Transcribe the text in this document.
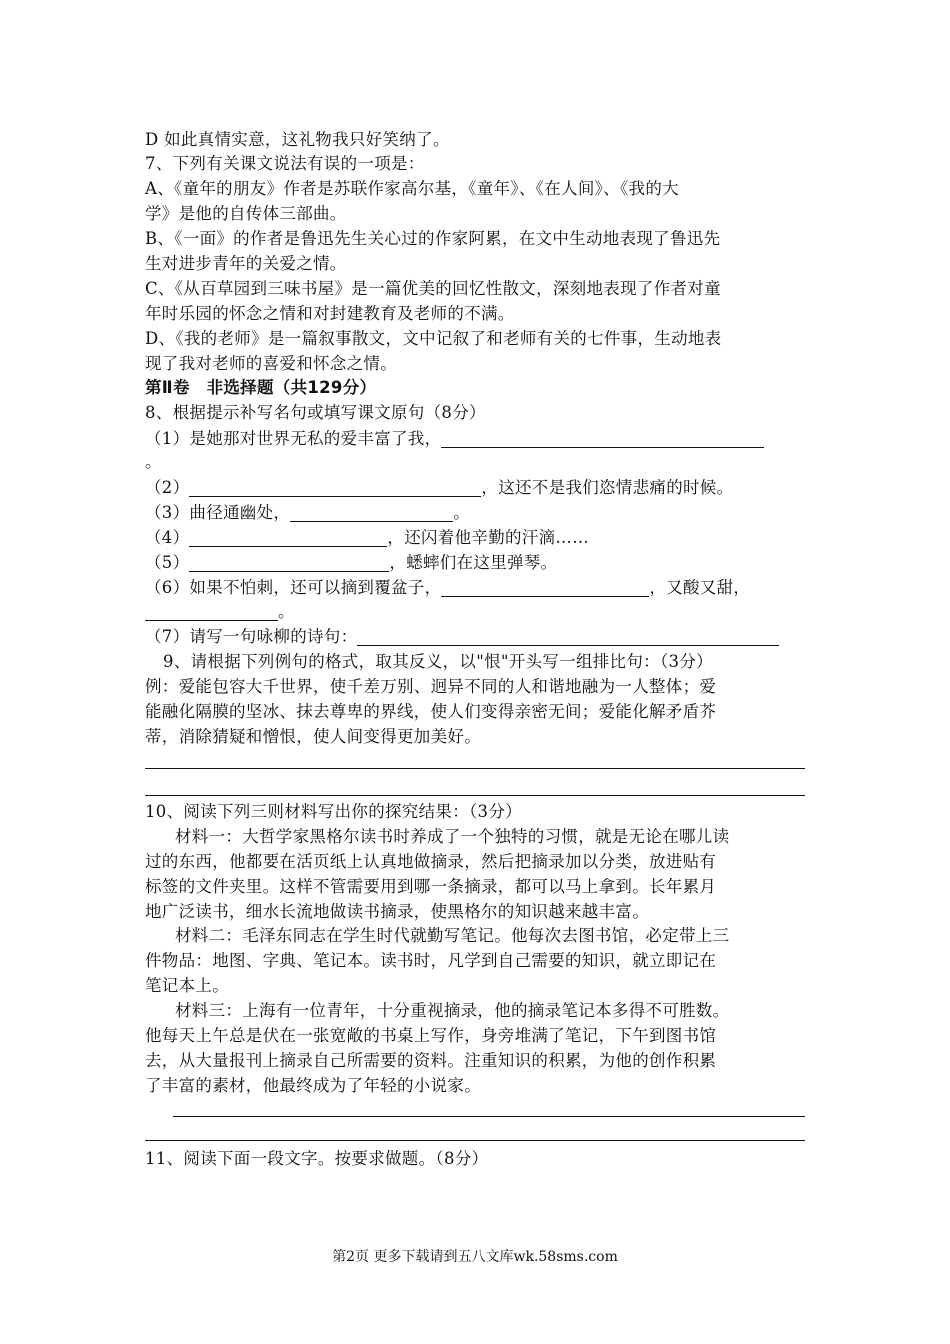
D 如此真情实意，这礼物我只好笑纳了。
7、下列有关课文说法有误的一项是：
A、《童年的朋友》作者是苏联作家高尔基，《童年》、《在人间》、《我的大
学》是他的自传体三部曲。
B、《一面》的作者是鲁迅先生关心过的作家阿累，在文中生动地表现了鲁迅先
生对进步青年的关爱之情。
C、《从百草园到三味书屋》是一篇优美的回忆性散文，深刻地表现了作者对童
年时乐园的怀念之情和对封建教育及老师的不满。
D、《我的老师》是一篇叙事散文，文中记叙了和老师有关的七件事，生动地表
现了我对老师的喜爱和怀念之情。
第Ⅱ卷　非选择题（共129分）
8、根据提示补写名句或填写课文原句（8分）
（1）是她那对世界无私的爱丰富了我，
。
（2）	，这还不是我们恣情悲痛的时候。
（3）曲径通幽处，	。
（4）	，还闪着他辛勤的汗滴……
（5）	，蟋蟀们在这里弹琴。
（6）如果不怕刺，还可以摘到覆盆子，	，又酸又甜，
。
（7）请写一句咏柳的诗句：
9、请根据下列例句的格式，取其反义，以"恨"开头写一组排比句：（3分）
例：爱能包容大千世界，使千差万别、迥异不同的人和谐地融为一人整体；爱
能融化隔膜的坚冰、抹去尊卑的界线，使人们变得亲密无间；爱能化解矛盾芥
蒂，消除猜疑和憎恨，使人间变得更加美好。
10、阅读下列三则材料写出你的探究结果：（3分）
材料一：大哲学家黑格尔读书时养成了一个独特的习惯，就是无论在哪儿读
过的东西，他都要在活页纸上认真地做摘录，然后把摘录加以分类，放进贴有
标签的文件夹里。这样不管需要用到哪一条摘录，都可以马上拿到。长年累月
地广泛读书，细水长流地做读书摘录，使黑格尔的知识越来越丰富。
材料二：毛泽东同志在学生时代就勤写笔记。他每次去图书馆，必定带上三
件物品：地图、字典、笔记本。读书时，凡学到自己需要的知识，就立即记在
笔记本上。
材料三：上海有一位青年，十分重视摘录，他的摘录笔记本多得不可胜数。
他每天上午总是伏在一张宽敞的书桌上写作，身旁堆满了笔记，下午到图书馆
去，从大量报刊上摘录自己所需要的资料。注重知识的积累，为他的创作积累
了丰富的素材，他最终成为了年轻的小说家。
11、阅读下面一段文字。按要求做题。（8分）
第2页 更多下载请到五八文库wk.58sms.com
